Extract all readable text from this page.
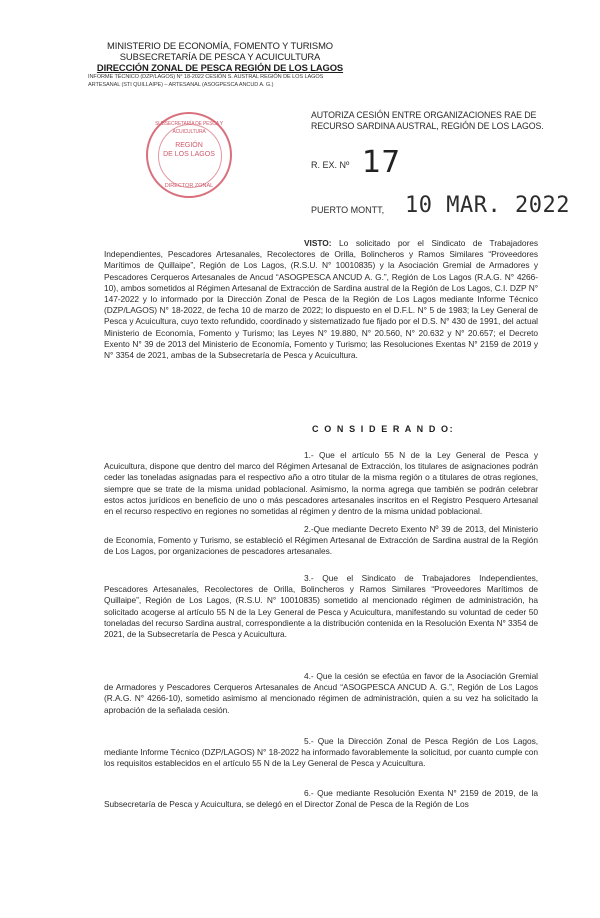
MINISTERIO DE ECONOMÍA, FOMENTO Y TURISMO
SUBSECRETARÍA DE PESCA Y ACUICULTURA
DIRECCIÓN ZONAL DE PESCA REGIÓN DE LOS LAGOS
INFORME TÉCNICO (DZP/LAGOS) N° 18-2022 CESIÓN S. AUSTRAL REGIÓN DE LOS LAGOS
ARTESANAL (STI QUILLAIPE) – ARTESANAL (ASOGPESCA ANCUD A. G.)
SUBSECRETARÍA DE PESCA Y ACUICULTURA
REGIÓN
DE LOS LAGOS
DIRECTOR ZONAL
AUTORIZA CESIÓN ENTRE ORGANIZACIONES RAE DE
RECURSO SARDINA AUSTRAL, REGIÓN DE LOS LAGOS.
R. EX. Nº 17
PUERTO MONTT, 10 MAR. 2022
VISTO: Lo solicitado por el Sindicato de Trabajadores Independientes, Pescadores Artesanales, Recolectores de Orilla, Bolincheros y Ramos Similares “Proveedores Marítimos de Quillaipe”, Región de Los Lagos, (R.S.U. N° 10010835) y la Asociación Gremial de Armadores y Pescadores Cerqueros Artesanales de Ancud “ASOGPESCA ANCUD A. G.”, Región de Los Lagos (R.A.G. N° 4266-10), ambos sometidos al Régimen Artesanal de Extracción de Sardina austral de la Región de Los Lagos, C.I. DZP N° 147-2022 y lo informado por la Dirección Zonal de Pesca de la Región de Los Lagos mediante Informe Técnico (DZP/LAGOS) N° 18-2022, de fecha 10 de marzo de 2022; lo dispuesto en el D.F.L. N° 5 de 1983; la Ley General de Pesca y Acuicultura, cuyo texto refundido, coordinado y sistematizado fue fijado por el D.S. N° 430 de 1991, del actual Ministerio de Economía, Fomento y Turismo; las Leyes N° 19.880, N° 20.560, N° 20.632 y N° 20.657; el Decreto Exento N° 39 de 2013 del Ministerio de Economía, Fomento y Turismo; las Resoluciones Exentas N° 2159 de 2019 y N° 3354 de 2021, ambas de la Subsecretaría de Pesca y Acuicultura.
C O N S I D E R A N D O:
1.- Que el artículo 55 N de la Ley General de Pesca y Acuicultura, dispone que dentro del marco del Régimen Artesanal de Extracción, los titulares de asignaciones podrán ceder las toneladas asignadas para el respectivo año a otro titular de la misma región o a titulares de otras regiones, siempre que se trate de la misma unidad poblacional. Asimismo, la norma agrega que también se podrán celebrar estos actos jurídicos en beneficio de uno o más pescadores artesanales inscritos en el Registro Pesquero Artesanal en el recurso respectivo en regiones no sometidas al régimen y dentro de la misma unidad poblacional.
2.-Que mediante Decreto Exento Nº 39 de 2013, del Ministerio de Economía, Fomento y Turismo, se estableció el Régimen Artesanal de Extracción de Sardina austral de la Región de Los Lagos, por organizaciones de pescadores artesanales.
3.- Que el Sindicato de Trabajadores Independientes, Pescadores Artesanales, Recolectores de Orilla, Bolincheros y Ramos Similares “Proveedores Marítimos de Quillaipe”, Región de Los Lagos, (R.S.U. N° 10010835) sometido al mencionado régimen de administración, ha solicitado acogerse al artículo 55 N de la Ley General de Pesca y Acuicultura, manifestando su voluntad de ceder 50 toneladas del recurso Sardina austral, correspondiente a la distribución contenida en la Resolución Exenta N° 3354 de 2021, de la Subsecretaría de Pesca y Acuicultura.
4.- Que la cesión se efectúa en favor de la Asociación Gremial de Armadores y Pescadores Cerqueros Artesanales de Ancud “ASOGPESCA ANCUD A. G.”, Región de Los Lagos (R.A.G. N° 4266-10), sometido asimismo al mencionado régimen de administración, quien a su vez ha solicitado la aprobación de la señalada cesión.
5.- Que la Dirección Zonal de Pesca Región de Los Lagos, mediante Informe Técnico (DZP/LAGOS) N° 18-2022 ha informado favorablemente la solicitud, por cuanto cumple con los requisitos establecidos en el artículo 55 N de la Ley General de Pesca y Acuicultura.
6.- Que mediante Resolución Exenta N° 2159 de 2019, de la Subsecretaría de Pesca y Acuicultura, se delegó en el Director Zonal de Pesca de la Región de Los
